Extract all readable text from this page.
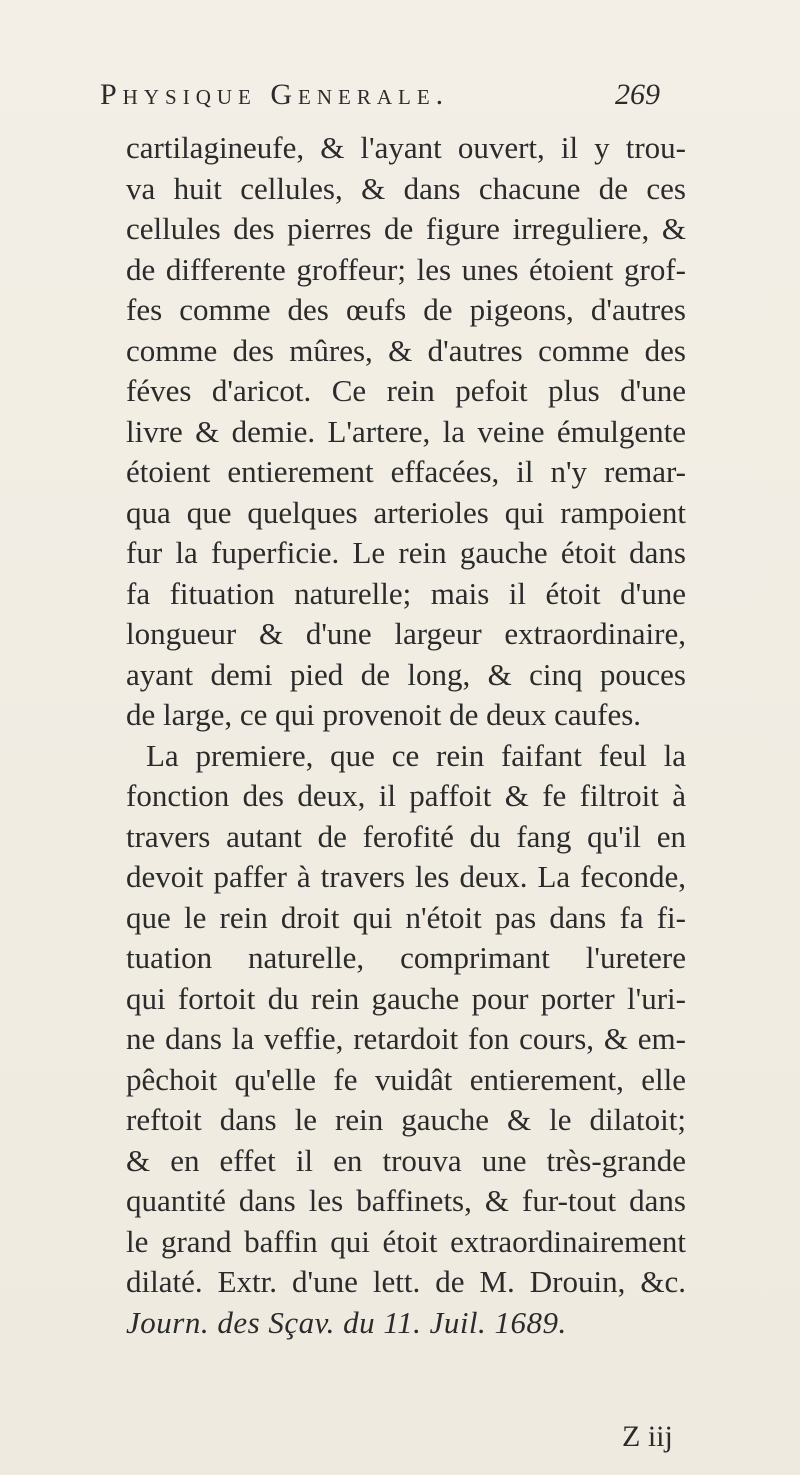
Physique Generale.	269
cartilagineufe, & l'ayant ouvert, il y trou-
va huit cellules, & dans chacune de ces
cellules des pierres de figure irreguliere, &
de differente groffeur; les unes étoient grof-
fes comme des œufs de pigeons, d'autres
comme des mûres, & d'autres comme des
féves d'aricot. Ce rein pefoit plus d'une
livre & demie. L'artere, la veine émulgente
étoient entierement effacées, il n'y remar-
qua que quelques arterioles qui rampoient
fur la fuperficie. Le rein gauche étoit dans
fa fituation naturelle; mais il étoit d'une
longueur & d'une largeur extraordinaire,
ayant demi pied de long, & cinq pouces
de large, ce qui provenoit de deux caufes.
La premiere, que ce rein faifant feul la
fonction des deux, il paffoit & fe filtroit à
travers autant de ferofité du fang qu'il en
devoit paffer à travers les deux. La feconde,
que le rein droit qui n'étoit pas dans fa fi-
tuation naturelle, comprimant l'uretere
qui fortoit du rein gauche pour porter l'uri-
ne dans la veffie, retardoit fon cours, & em-
pêchoit qu'elle fe vuidât entierement, elle
reftoit dans le rein gauche & le dilatoit;
& en effet il en trouva une très-grande
quantité dans les baffinets, & fur-tout dans
le grand baffin qui étoit extraordinairement
dilaté. Extr. d'une lett. de M. Drouin, &c.
Journ. des Sçav. du 11. Juil. 1689.
Z iij
